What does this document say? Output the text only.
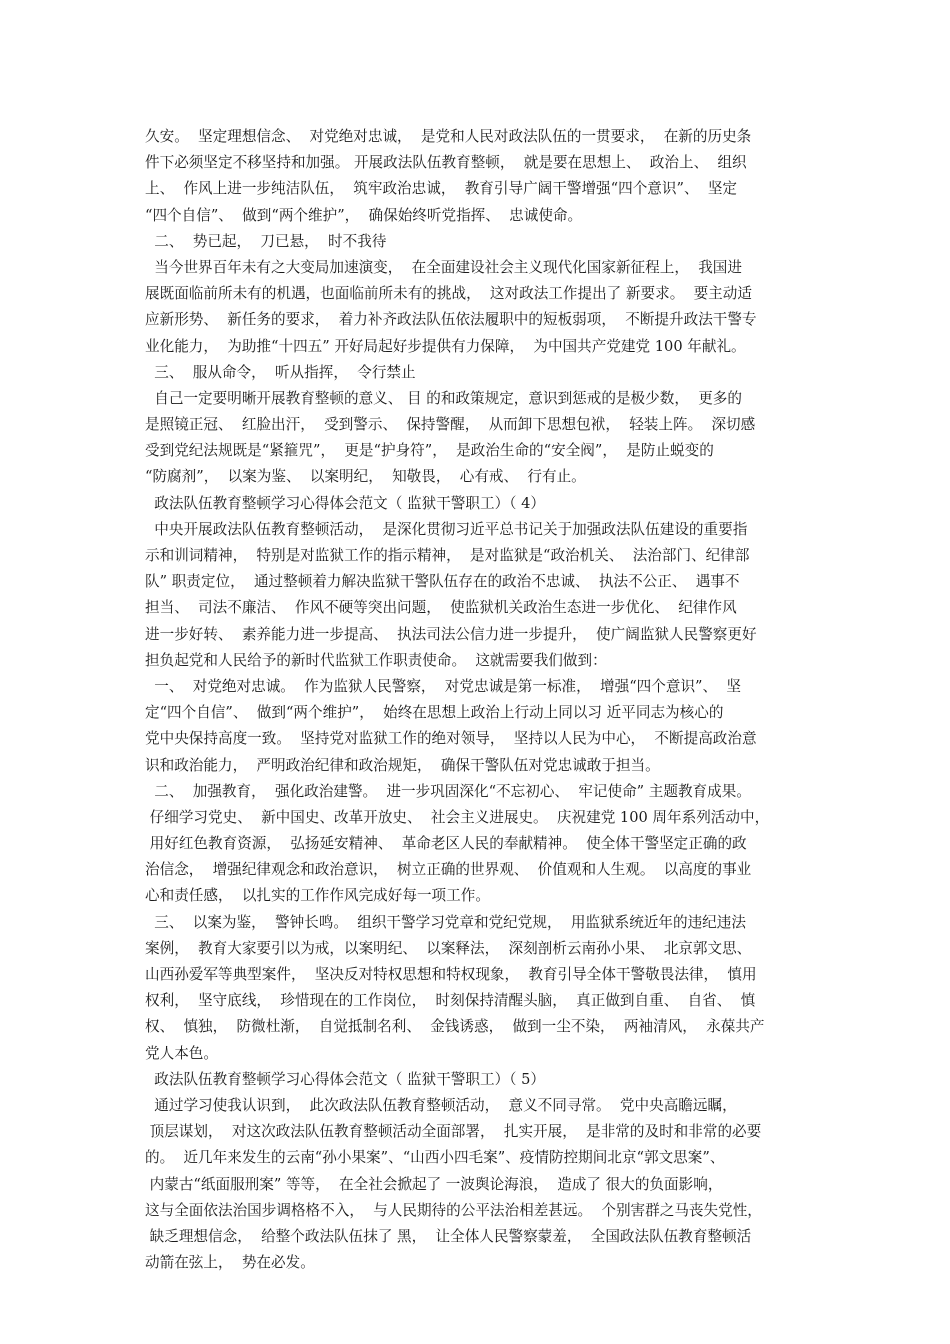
久安。  坚定理想信念、  对党绝对忠诚，  是党和人民对政法队伍的一贯要求，  在新的历史条
件下必须坚定不移坚持和加强。 开展政法队伍教育整顿，  就是要在思想上、  政治上、  组织
上、  作风上进一步纯洁队伍，  筑牢政治忠诚，  教育引导广阔干警增强“四个意识”、  坚定
“四个自信”、  做到“两个维护”，  确保始终听党指挥、  忠诚使命。
二、  势已起，  刀已悬，  时不我待
当今世界百年未有之大变局加速演变，  在全面建设社会主义现代化国家新征程上，  我国进
展既面临前所未有的机遇，也面临前所未有的挑战，  这对政法工作提出了 新要求。  要主动适
应新形势、  新任务的要求，  着力补齐政法队伍依法履职中的短板弱项，  不断提升政法干警专
业化能力，  为助推“十四五” 开好局起好步提供有力保障，  为中国共产党建党 100 年献礼。
三、  服从命令，  听从指挥，  令行禁止
自己一定要明晰开展教育整顿的意义、 目 的和政策规定，意识到惩戒的是极少数，  更多的
是照镜正冠、  红脸出汗，  受到警示、  保持警醒，  从而卸下思想包袱，  轻装上阵。  深切感
受到党纪法规既是“紧箍咒”，  更是“护身符”，  是政治生命的“安全阀”，  是防止蜕变的
“防腐剂”，  以案为鉴、  以案明纪，  知敬畏，  心有戒、  行有止。
政法队伍教育整顿学习心得体会范文（ 监狱干警职工）（ 4）
中央开展政法队伍教育整顿活动，  是深化贯彻习近平总书记关于加强政法队伍建设的重要指
示和训词精神，  特别是对监狱工作的指示精神，  是对监狱是“政治机关、  法治部门、纪律部
队” 职责定位，  通过整顿着力解决监狱干警队伍存在的政治不忠诚、  执法不公正、  遇事不
担当、  司法不廉洁、  作风不硬等突出问题，  使监狱机关政治生态进一步优化、  纪律作风
进一步好转、  素养能力进一步提高、  执法司法公信力进一步提升，  使广阔监狱人民警察更好
担负起党和人民给予的新时代监狱工作职责使命。  这就需要我们做到：
一、  对党绝对忠诚。  作为监狱人民警察，  对党忠诚是第一标准，  增强“四个意识”、  坚
定“四个自信”、  做到“两个维护”，  始终在思想上政治上行动上同以习 近平同志为核心的
党中央保持高度一致。  坚持党对监狱工作的绝对领导，  坚持以人民为中心，  不断提高政治意
识和政治能力，  严明政治纪律和政治规矩，  确保干警队伍对党忠诚敢于担当。
二、  加强教育，  强化政治建警。  进一步巩固深化“不忘初心、  牢记使命” 主题教育成果。
仔细学习党史、  新中国史、改革开放史、  社会主义进展史。  庆祝建党 100 周年系列活动中，
用好红色教育资源，  弘扬延安精神、  革命老区人民的奉献精神。  使全体干警坚定正确的政
治信念，  增强纪律观念和政治意识，  树立正确的世界观、  价值观和人生观。  以高度的事业
心和责任感，  以扎实的工作作风完成好每一项工作。
三、  以案为鉴，  警钟长鸣。  组织干警学习党章和党纪党规，  用监狱系统近年的违纪违法
案例，  教育大家要引以为戒，以案明纪、  以案释法，  深刻剖析云南孙小果、  北京郭文思、
山西孙爱军等典型案件，  坚决反对特权思想和特权现象，  教育引导全体干警敬畏法律，  慎用
权利，  坚守底线，  珍惜现在的工作岗位，  时刻保持清醒头脑，  真正做到自重、  自省、  慎
权、  慎独，  防微杜渐，  自觉抵制名利、  金钱诱惑，  做到一尘不染，  两袖清风，  永葆共产
党人本色。
政法队伍教育整顿学习心得体会范文（ 监狱干警职工）（ 5）
通过学习使我认识到，  此次政法队伍教育整顿活动，  意义不同寻常。  党中央高瞻远瞩，
顶层谋划，  对这次政法队伍教育整顿活动全面部署，  扎实开展，  是非常的及时和非常的必要
的。  近几年来发生的云南“孙小果案”、“山西小四毛案”、疫情防控期间北京“郭文思案”、
内蒙古“纸面服刑案” 等等，  在全社会掀起了 一波舆论海浪，  造成了 很大的负面影响，
这与全面依法治国步调格格不入，  与人民期待的公平法治相差甚远。  个别害群之马丧失党性，
缺乏理想信念，  给整个政法队伍抹了 黑，  让全体人民警察蒙羞，  全国政法队伍教育整顿活
动箭在弦上，  势在必发。
